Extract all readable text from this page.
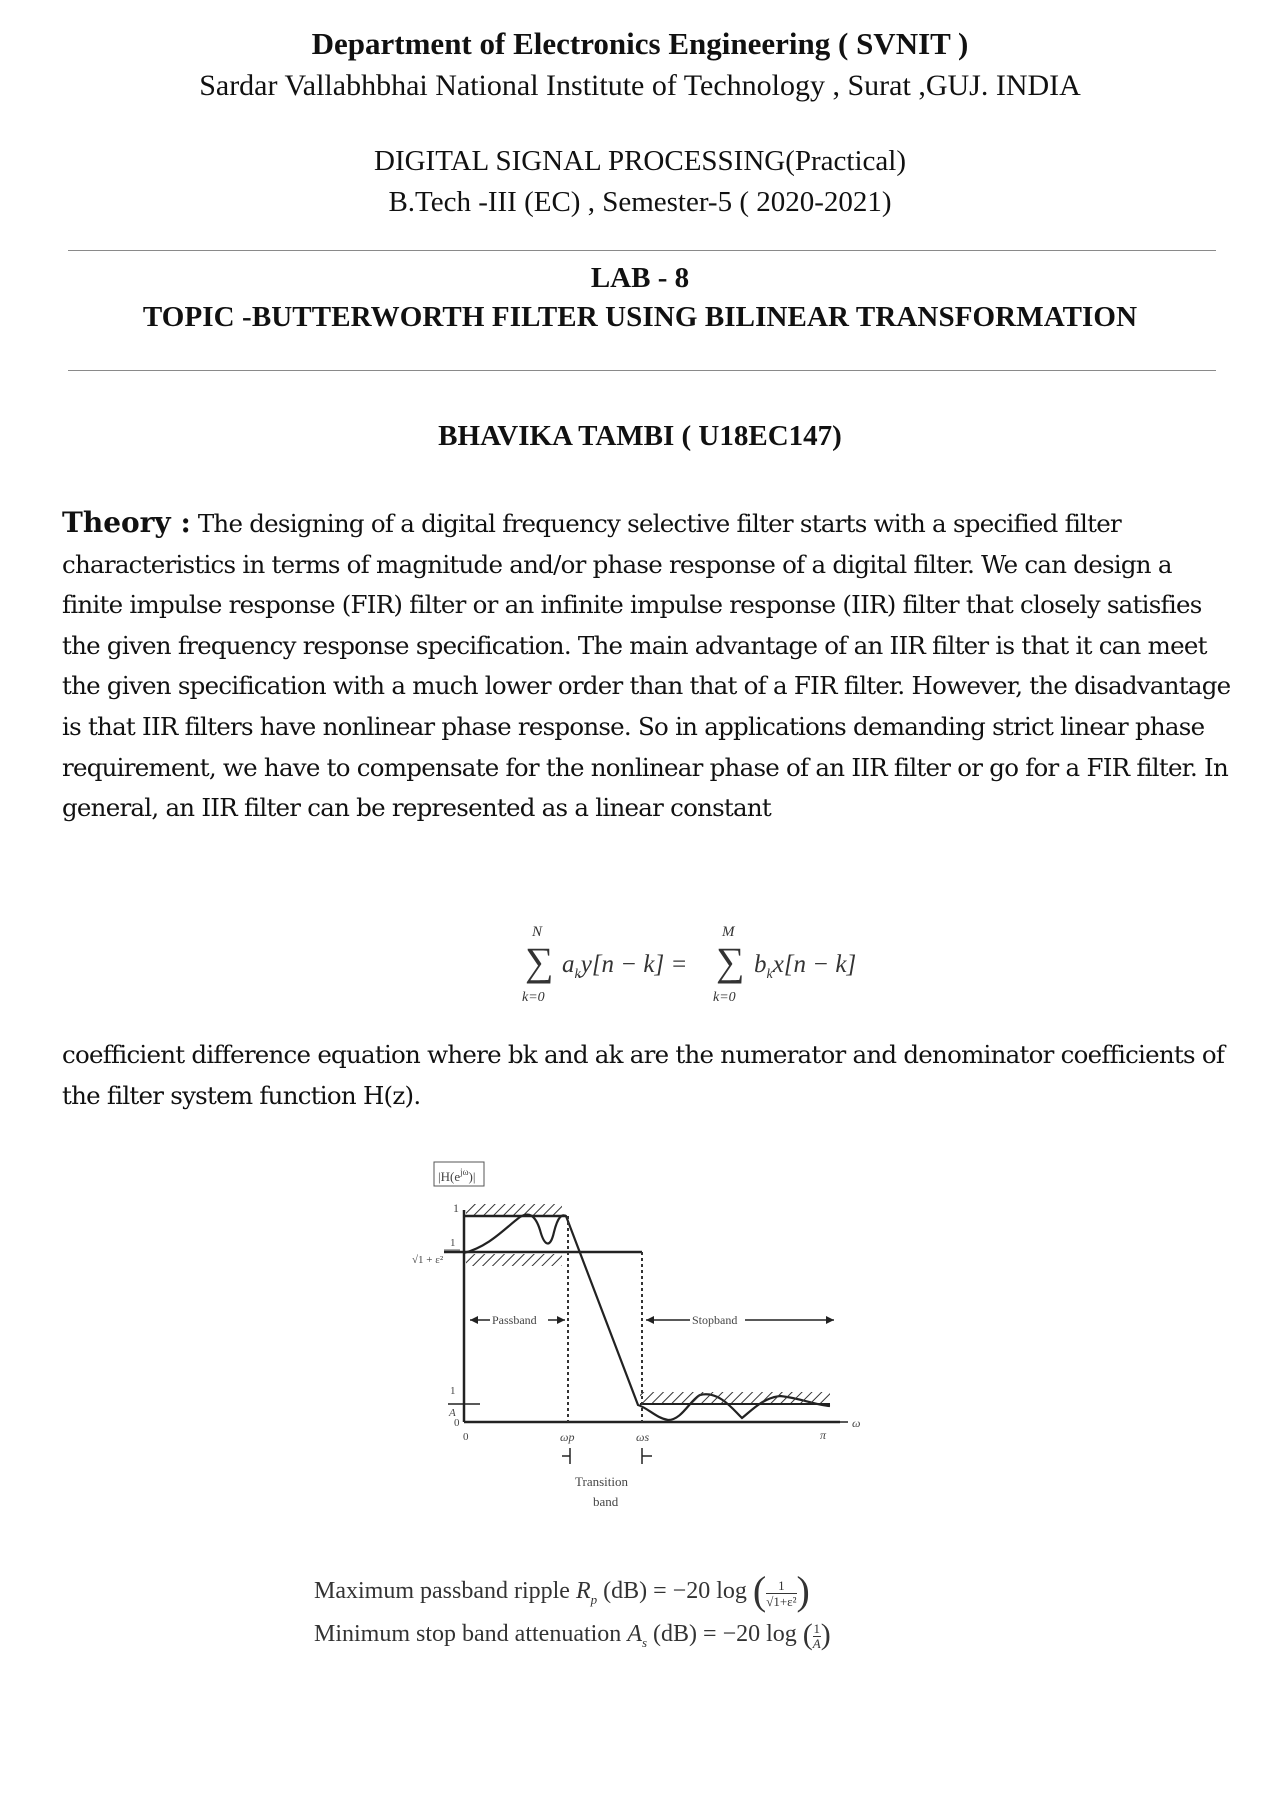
Department of Electronics Engineering ( SVNIT )
Sardar Vallabhbhai National Institute of Technology , Surat ,GUJ. INDIA
DIGITAL SIGNAL PROCESSING(Practical)
B.Tech -III (EC) , Semester-5 ( 2020-2021)
LAB - 8
TOPIC -BUTTERWORTH FILTER USING BILINEAR TRANSFORMATION
BHAVIKA TAMBI ( U18EC147)
Theory : The designing of a digital frequency selective filter starts with a specified filter characteristics in terms of magnitude and/or phase response of a digital filter. We can design a finite impulse response (FIR) filter or an infinite impulse response (IIR) filter that closely satisfies the given frequency response specification. The main advantage of an IIR filter is that it can meet the given specification with a much lower order than that of a FIR filter. However, the disadvantage is that IIR filters have nonlinear phase response. So in applications demanding strict linear phase requirement, we have to compensate for the nonlinear phase of an IIR filter or go for a FIR filter. In general, an IIR filter can be represented as a linear constant
N
∑
k=0
$a_ky[n - k]$ =
M
∑
k=0
$b_kx[n - k]$
coefficient difference equation where bk and ak are the numerator and denominator coefficients of the filter system function H(z).
$|H(e^{j\omega})|$
1
1
√1 + ε²
1
A
0
0
Passband	Stopband
ωp	ωs	π
ω
Transition
band
Maximum passband ripple $R_p$ (dB) = −20 log ( $\frac{1}{\text{√1+ε²}}$ )
Minimum stop band attenuation $A_s$ (dB) = −20 log ( $\frac{1}{A}$ )
